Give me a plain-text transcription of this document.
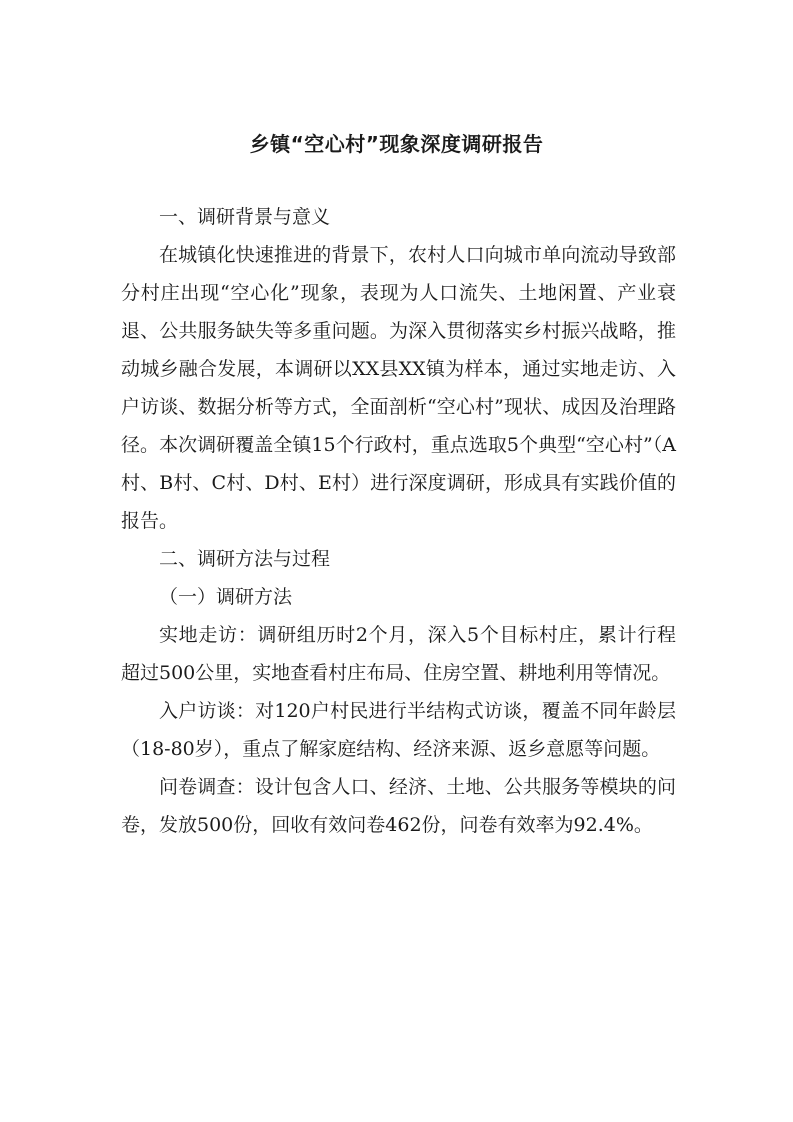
乡镇“空心村”现象深度调研报告

一、调研背景与意义

在城镇化快速推进的背景下，农村人口向城市单向流动导致部分村庄出现“空心化”现象，表现为人口流失、土地闲置、产业衰退、公共服务缺失等多重问题。为深入贯彻落实乡村振兴战略，推动城乡融合发展，本调研以XX县XX镇为样本，通过实地走访、入户访谈、数据分析等方式，全面剖析“空心村”现状、成因及治理路径。本次调研覆盖全镇15个行政村，重点选取5个典型“空心村”（A村、B村、C村、D村、E村）进行深度调研，形成具有实践价值的报告。

二、调研方法与过程

（一）调研方法

实地走访：调研组历时2个月，深入5个目标村庄，累计行程超过500公里，实地查看村庄布局、住房空置、耕地利用等情况。

入户访谈：对120户村民进行半结构式访谈，覆盖不同年龄层（18-80岁），重点了解家庭结构、经济来源、返乡意愿等问题。

问卷调查：设计包含人口、经济、土地、公共服务等模块的问卷，发放500份，回收有效问卷462份，问卷有效率为92.4%。
